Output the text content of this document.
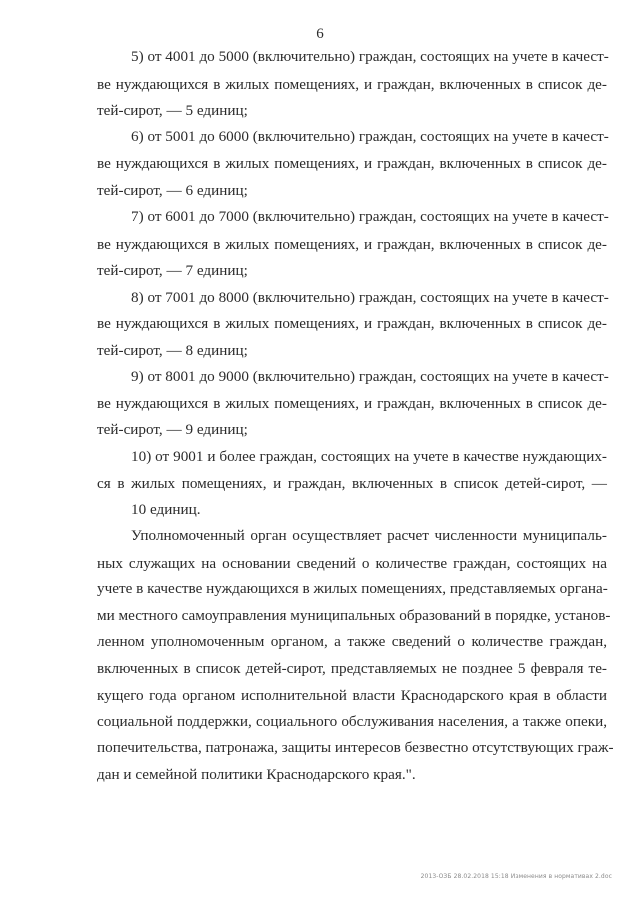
6
5) от 4001 до 5000 (включительно) граждан, состоящих на учете в качест-
ве нуждающихся в жилых помещениях, и граждан, включенных в список де-
тей-сирот, — 5 единиц;
6) от 5001 до 6000 (включительно) граждан, состоящих на учете в качест-
ве нуждающихся в жилых помещениях, и граждан, включенных в список де-
тей-сирот, — 6 единиц;
7) от 6001 до 7000 (включительно) граждан, состоящих на учете в качест-
ве нуждающихся в жилых помещениях, и граждан, включенных в список де-
тей-сирот, — 7 единиц;
8) от 7001 до 8000 (включительно) граждан, состоящих на учете в качест-
ве нуждающихся в жилых помещениях, и граждан, включенных в список де-
тей-сирот, — 8 единиц;
9) от 8001 до 9000 (включительно) граждан, состоящих на учете в качест-
ве нуждающихся в жилых помещениях, и граждан, включенных в список де-
тей-сирот, — 9 единиц;
10) от 9001 и более граждан, состоящих на учете в качестве нуждающих-
ся в жилых помещениях, и граждан, включенных в список детей-сирот, —
10 единиц.
Уполномоченный орган осуществляет расчет численности муниципаль-
ных служащих на основании сведений о количестве граждан, состоящих на
учете в качестве нуждающихся в жилых помещениях, представляемых органа-
ми местного самоуправления муниципальных образований в порядке, установ-
ленном уполномоченным органом, а также сведений о количестве граждан,
включенных в список детей-сирот, представляемых не позднее 5 февраля те-
кущего года органом исполнительной власти Краснодарского края в области
социальной поддержки, социального обслуживания населения, а также опеки,
попечительства, патронажа, защиты интересов безвестно отсутствующих граж-
дан и семейной политики Краснодарского края.".
2013-ОЗБ 28.02.2018 15:18 Изменения в нормативах 2.doc
